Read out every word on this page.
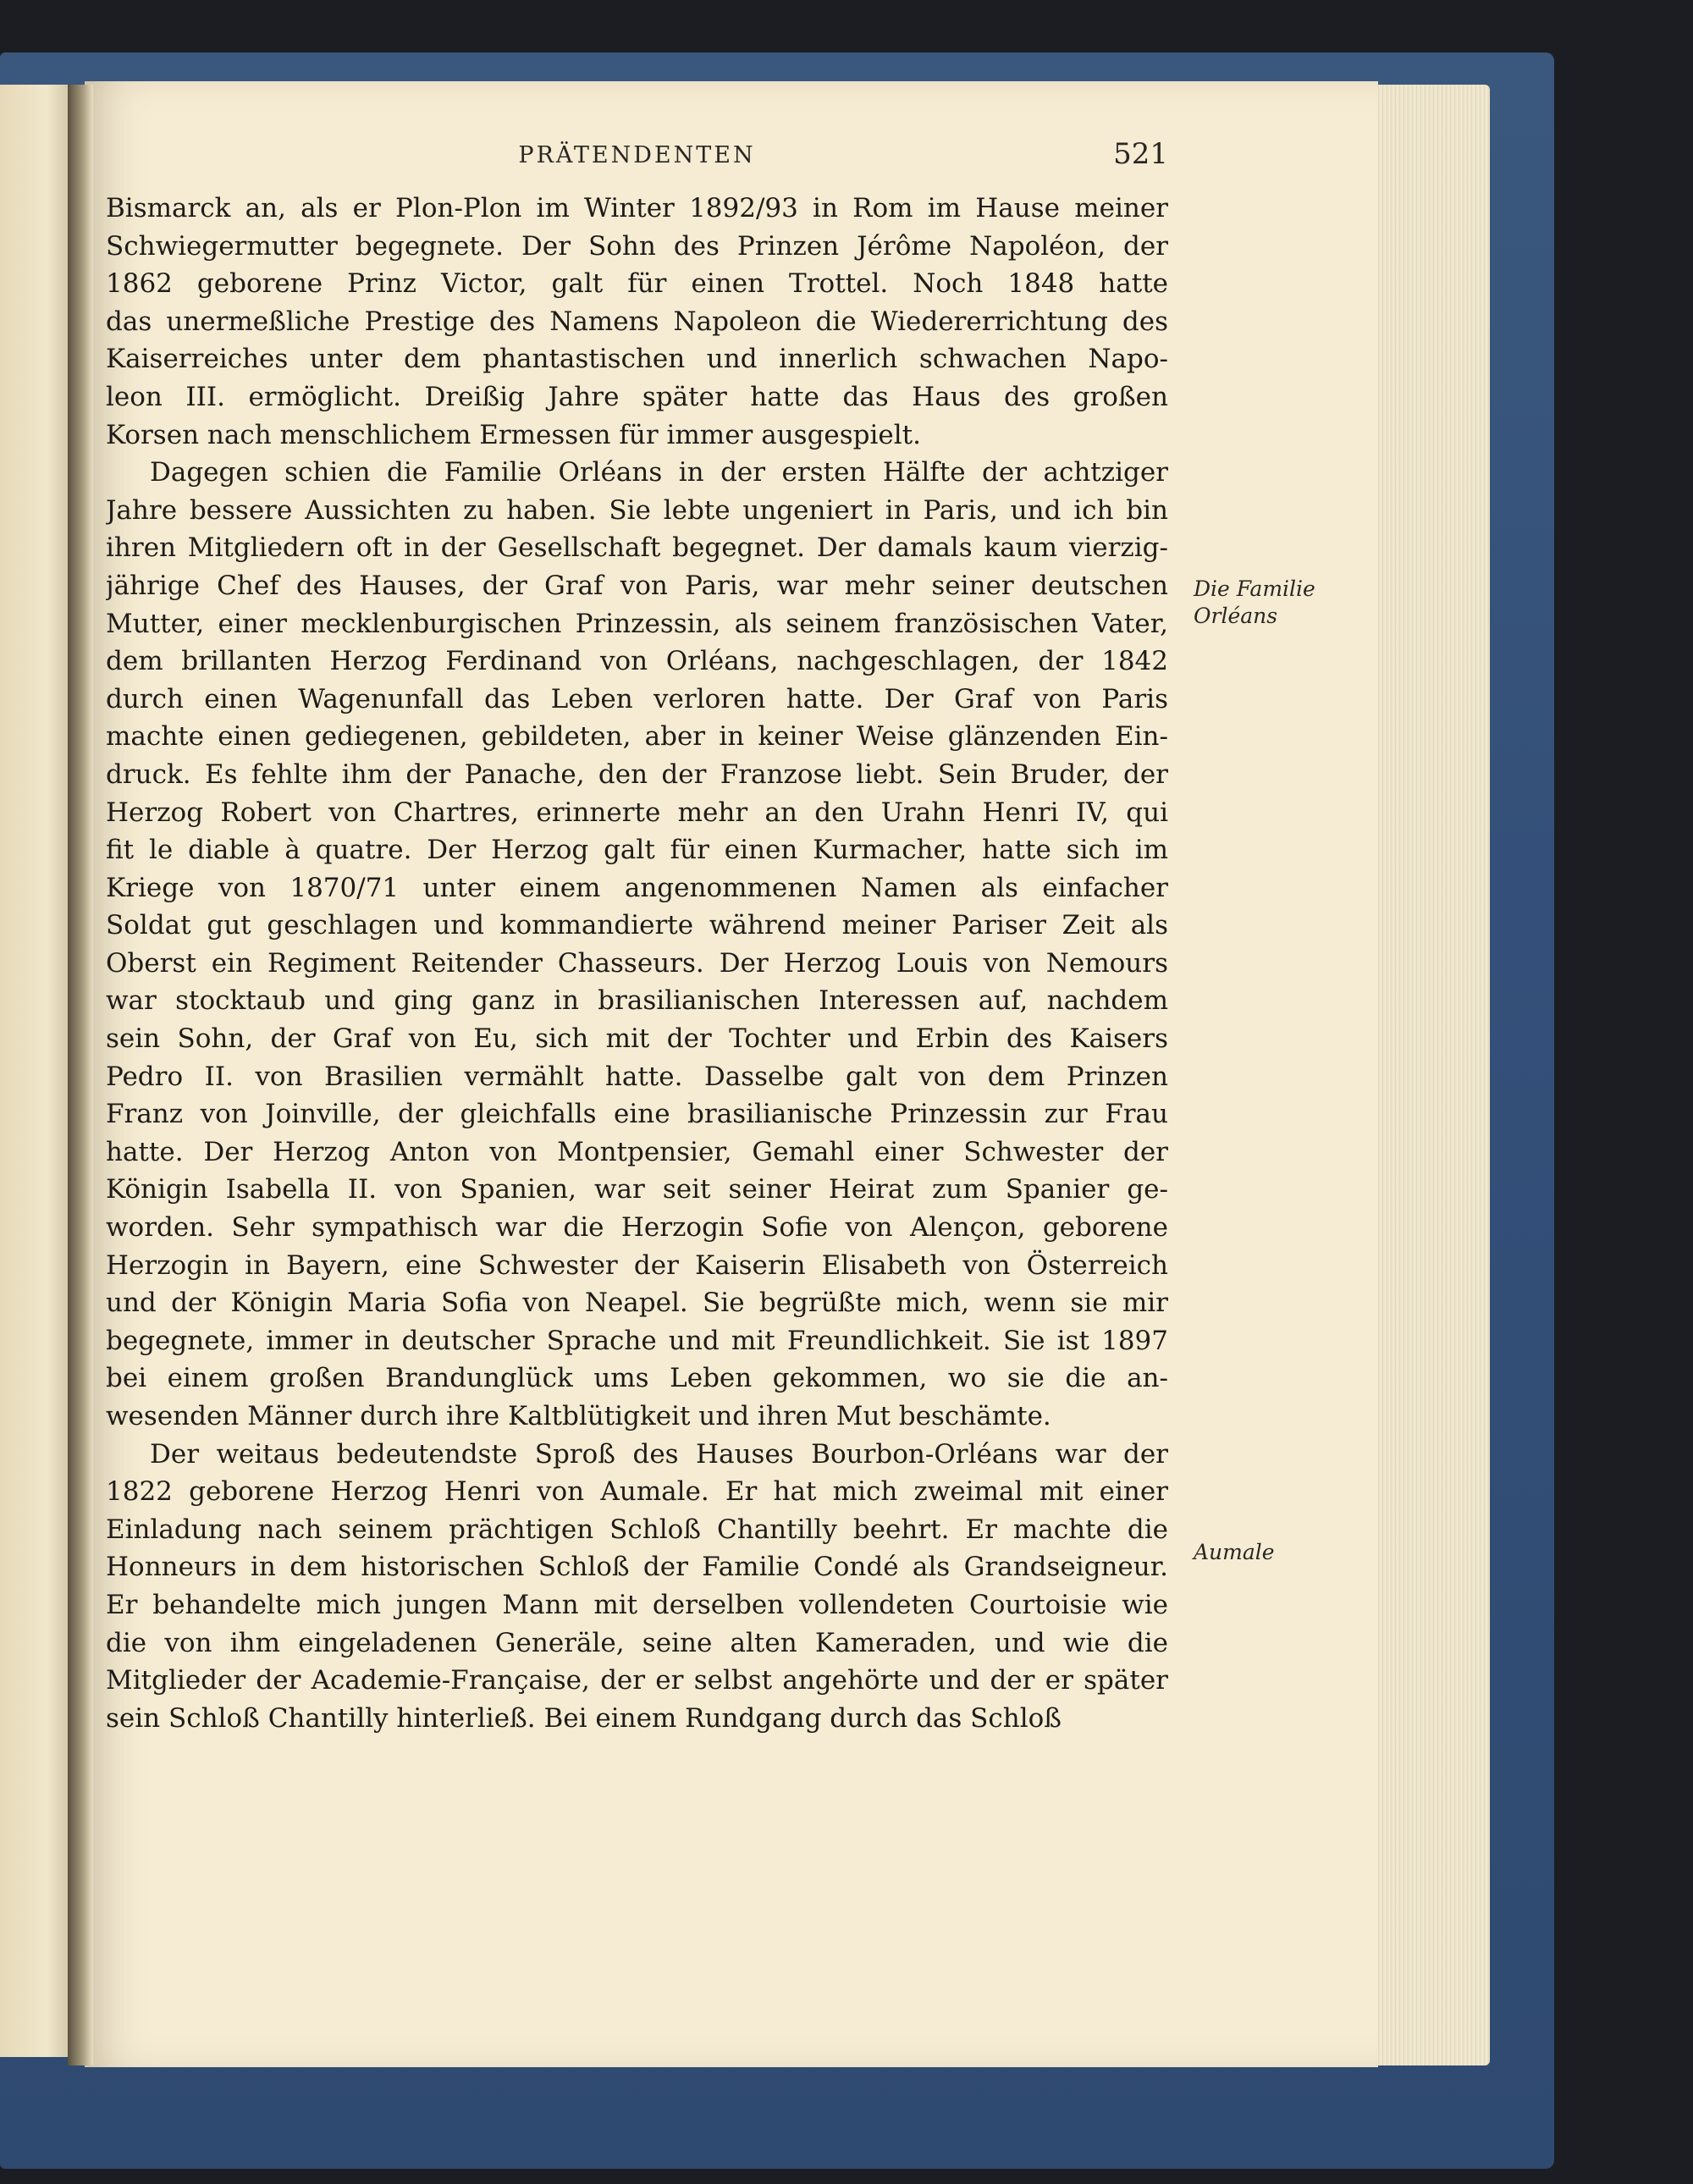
PRÄTENDENTEN	521
Bismarck an, als er Plon-Plon im Winter 1892/93 in Rom im Hause meiner
Schwiegermutter begegnete. Der Sohn des Prinzen Jérôme Napoléon, der
1862 geborene Prinz Victor, galt für einen Trottel. Noch 1848 hatte
das unermeßliche Prestige des Namens Napoleon die Wiedererrichtung des
Kaiserreiches unter dem phantastischen und innerlich schwachen Napo-
leon III. ermöglicht. Dreißig Jahre später hatte das Haus des großen
Korsen nach menschlichem Ermessen für immer ausgespielt.
Dagegen schien die Familie Orléans in der ersten Hälfte der achtziger
Jahre bessere Aussichten zu haben. Sie lebte ungeniert in Paris, und ich bin
ihren Mitgliedern oft in der Gesellschaft begegnet. Der damals kaum vierzig-
jährige Chef des Hauses, der Graf von Paris, war mehr seiner deutschen
Mutter, einer mecklenburgischen Prinzessin, als seinem französischen Vater,
dem brillanten Herzog Ferdinand von Orléans, nachgeschlagen, der 1842
durch einen Wagenunfall das Leben verloren hatte. Der Graf von Paris
machte einen gediegenen, gebildeten, aber in keiner Weise glänzenden Ein-
druck. Es fehlte ihm der Panache, den der Franzose liebt. Sein Bruder, der
Herzog Robert von Chartres, erinnerte mehr an den Urahn Henri IV, qui
fit le diable à quatre. Der Herzog galt für einen Kurmacher, hatte sich im
Kriege von 1870/71 unter einem angenommenen Namen als einfacher
Soldat gut geschlagen und kommandierte während meiner Pariser Zeit als
Oberst ein Regiment Reitender Chasseurs. Der Herzog Louis von Nemours
war stocktaub und ging ganz in brasilianischen Interessen auf, nachdem
sein Sohn, der Graf von Eu, sich mit der Tochter und Erbin des Kaisers
Pedro II. von Brasilien vermählt hatte. Dasselbe galt von dem Prinzen
Franz von Joinville, der gleichfalls eine brasilianische Prinzessin zur Frau
hatte. Der Herzog Anton von Montpensier, Gemahl einer Schwester der
Königin Isabella II. von Spanien, war seit seiner Heirat zum Spanier ge-
worden. Sehr sympathisch war die Herzogin Sofie von Alençon, geborene
Herzogin in Bayern, eine Schwester der Kaiserin Elisabeth von Österreich
und der Königin Maria Sofia von Neapel. Sie begrüßte mich, wenn sie mir
begegnete, immer in deutscher Sprache und mit Freundlichkeit. Sie ist 1897
bei einem großen Brandunglück ums Leben gekommen, wo sie die an-
wesenden Männer durch ihre Kaltblütigkeit und ihren Mut beschämte.
Der weitaus bedeutendste Sproß des Hauses Bourbon-Orléans war der
1822 geborene Herzog Henri von Aumale. Er hat mich zweimal mit einer
Einladung nach seinem prächtigen Schloß Chantilly beehrt. Er machte die
Honneurs in dem historischen Schloß der Familie Condé als Grandseigneur.
Er behandelte mich jungen Mann mit derselben vollendeten Courtoisie wie
die von ihm eingeladenen Generäle, seine alten Kameraden, und wie die
Mitglieder der Academie-Française, der er selbst angehörte und der er später
sein Schloß Chantilly hinterließ. Bei einem Rundgang durch das Schloß
Die Familie
Orléans
Aumale
